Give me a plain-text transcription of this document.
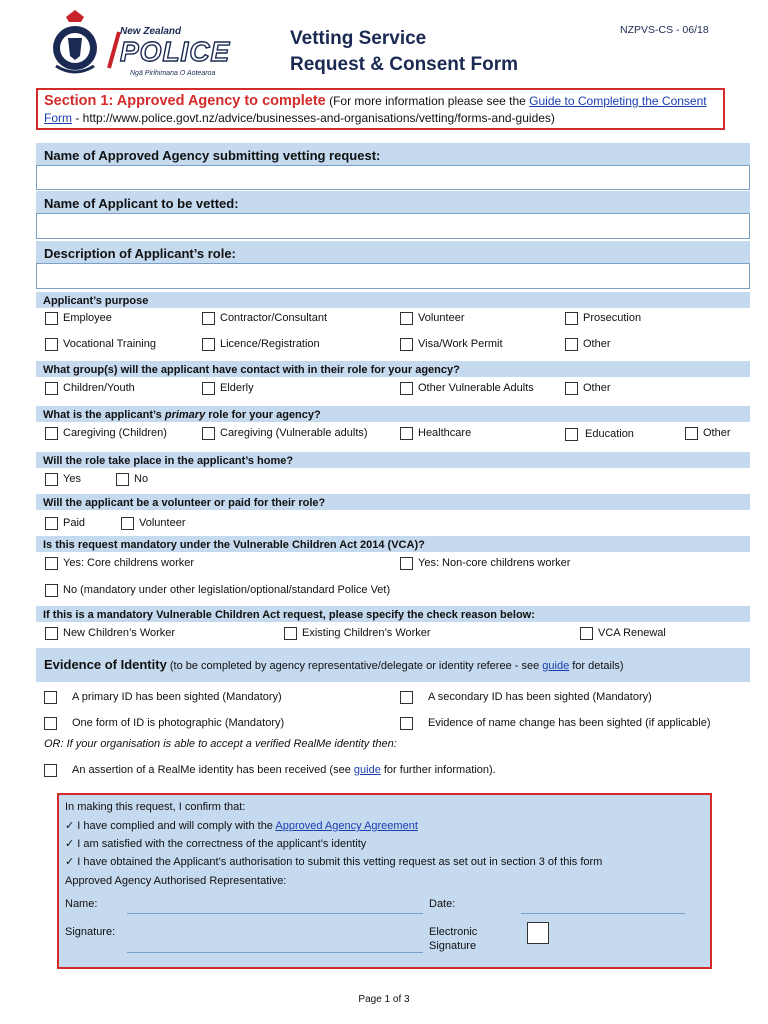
New Zealand
POLICE
Ngā Pirihimana O Aotearoa
Vetting Service
Request & Consent Form
NZPVS-CS - 06/18
Section 1: Approved Agency to complete (For more information please see the Guide to Completing the Consent Form - http://www.police.govt.nz/advice/businesses-and-organisations/vetting/forms-and-guides)
Name of Approved Agency submitting vetting request:
Name of Applicant to be vetted:
Description of Applicant’s role:
Applicant’s purpose
Employee	Contractor/Consultant	Volunteer	Prosecution
Vocational Training	Licence/Registration	Visa/Work Permit	Other
What group(s) will the applicant have contact with in their role for your agency?
Children/Youth	Elderly	Other Vulnerable Adults	Other
What is the applicant’s primary role for your agency?
Caregiving (Children)	Caregiving (Vulnerable adults)	Healthcare	Education	Other
Will the role take place in the applicant’s home?
Yes	No
Will the applicant be a volunteer or paid for their role?
Paid	Volunteer
Is this request mandatory under the Vulnerable Children Act 2014 (VCA)?
Yes: Core childrens worker	Yes: Non-core childrens worker
No (mandatory under other legislation/optional/standard Police Vet)
If this is a mandatory Vulnerable Children Act request, please specify the check reason below:
New Children’s Worker	Existing Children’s Worker	VCA Renewal
Evidence of Identity (to be completed by agency representative/delegate or identity referee - see guide for details)
A primary ID has been sighted (Mandatory)	A secondary ID has been sighted (Mandatory)
One form of ID is photographic (Mandatory)	Evidence of name change has been sighted (if applicable)
OR: If your organisation is able to accept a verified RealMe identity then:
An assertion of a RealMe identity has been received (see guide for further information).
In making this request, I confirm that:
✓ I have complied and will comply with the Approved Agency Agreement
✓ I am satisfied with the correctness of the applicant’s identity
✓ I have obtained the Applicant’s authorisation to submit this vetting request as set out in section 3 of this form
Approved Agency Authorised Representative:
Name:	Date:
Signature:	Electronic
Signature
Page 1 of 3
